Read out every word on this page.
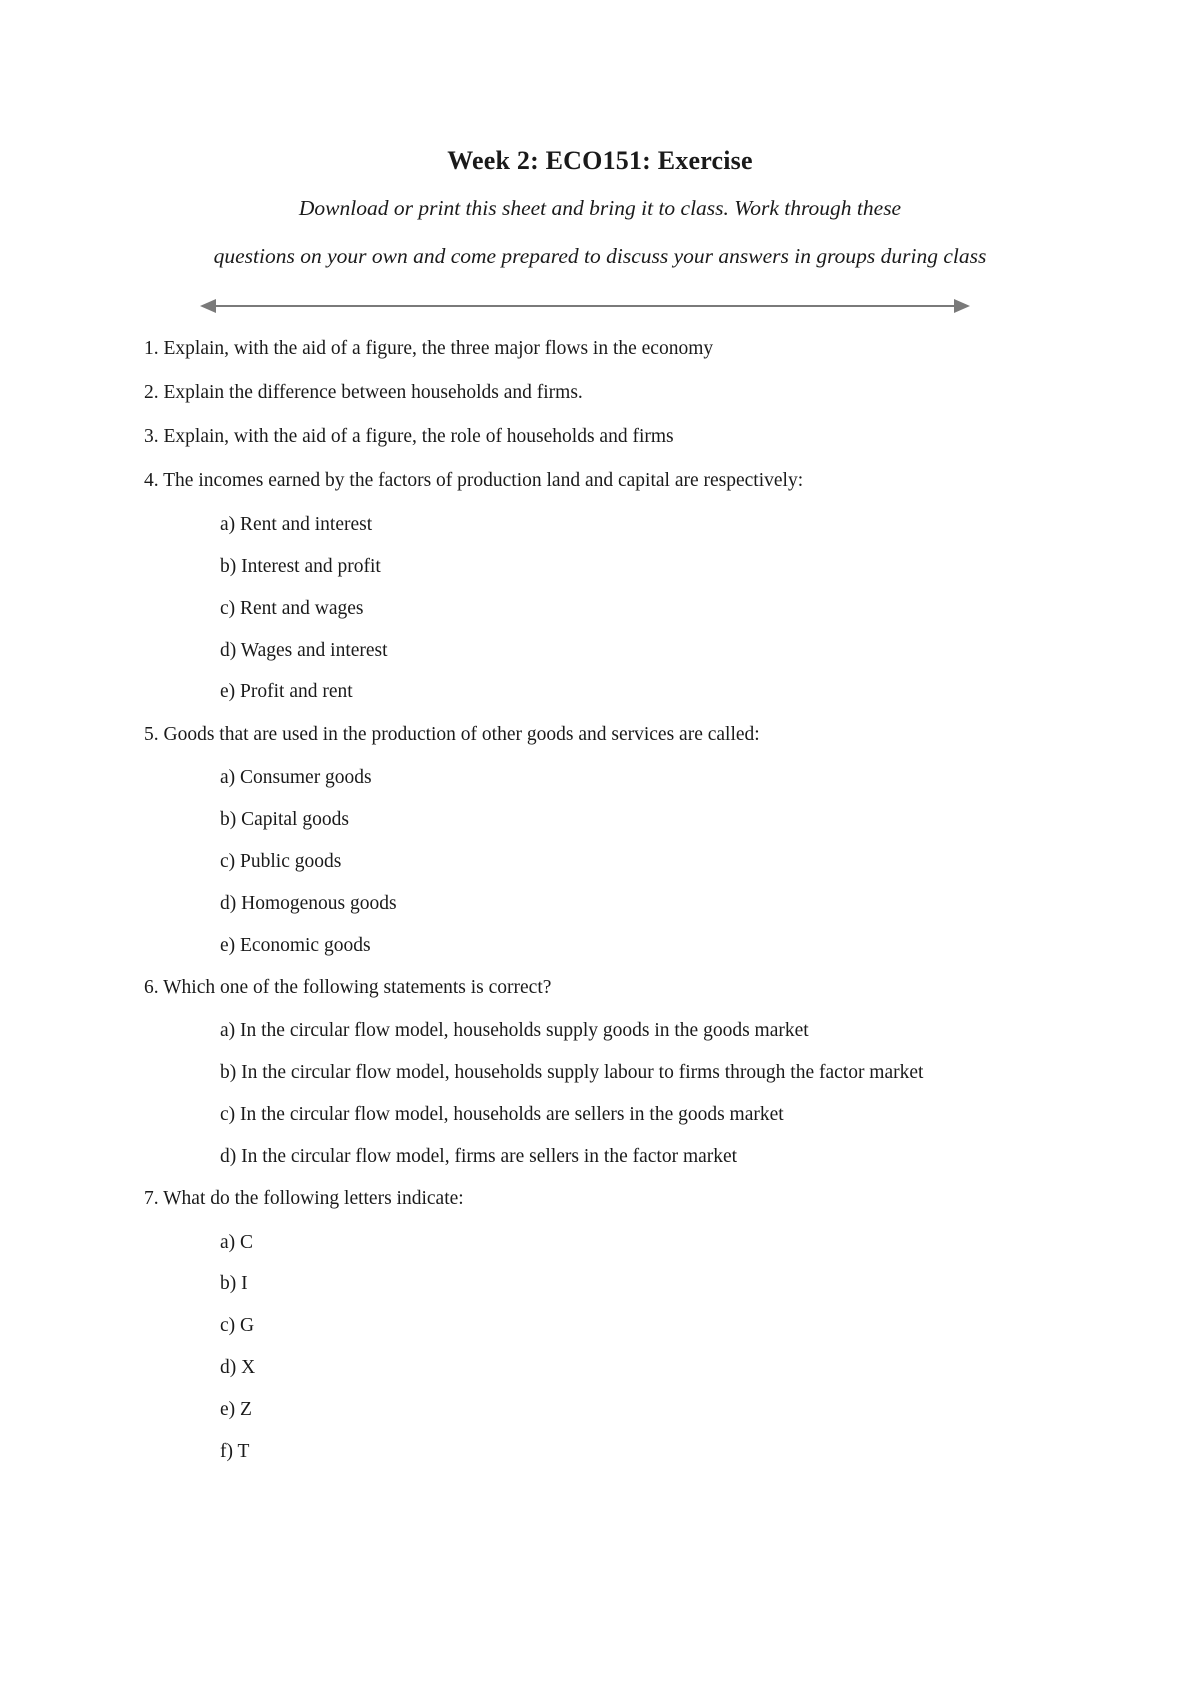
Week 2: ECO151: Exercise
Download or print this sheet and bring it to class. Work through these
questions on your own and come prepared to discuss your answers in groups during class
1. Explain, with the aid of a figure, the three major flows in the economy
2. Explain the difference between households and firms.
3. Explain, with the aid of a figure, the role of households and firms
4. The incomes earned by the factors of production land and capital are respectively:
a) Rent and interest
b) Interest and profit
c) Rent and wages
d) Wages and interest
e) Profit and rent
5. Goods that are used in the production of other goods and services are called:
a) Consumer goods
b) Capital goods
c) Public goods
d) Homogenous goods
e) Economic goods
6. Which one of the following statements is correct?
a) In the circular flow model, households supply goods in the goods market
b) In the circular flow model, households supply labour to firms through the factor market
c) In the circular flow model, households are sellers in the goods market
d) In the circular flow model, firms are sellers in the factor market
7. What do the following letters indicate:
a) C
b) I
c) G
d) X
e) Z
f) T
